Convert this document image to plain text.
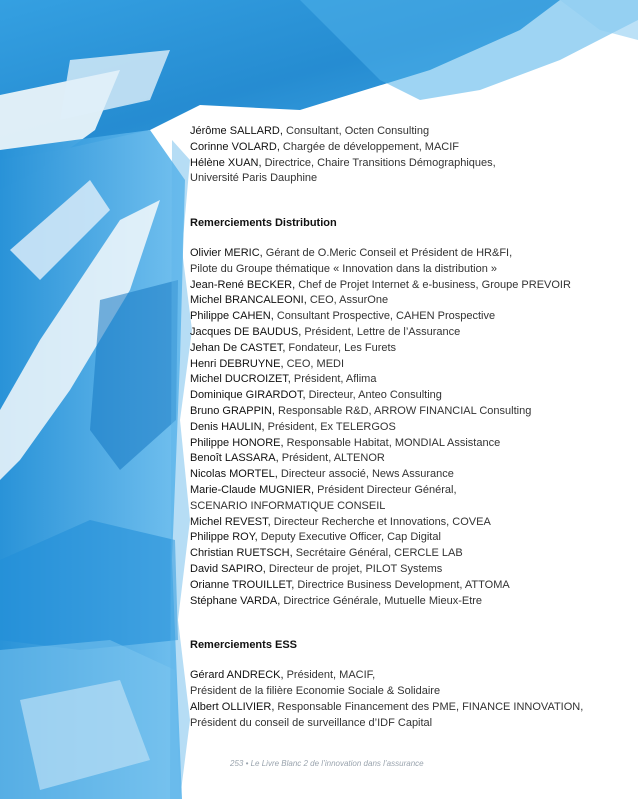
Jérôme SALLARD, Consultant, Octen Consulting
Corinne VOLARD, Chargée de développement, MACIF
Hélène XUAN, Directrice, Chaire Transitions Démographiques,
Université Paris Dauphine
Remerciements Distribution
Olivier MERIC, Gérant de O.Meric Conseil et Président de HR&FI,
Pilote du Groupe thématique « Innovation dans la distribution »
Jean-René BECKER, Chef de Projet Internet & e-business, Groupe PREVOIR
Michel BRANCALEONI, CEO, AssurOne
Philippe CAHEN, Consultant Prospective, CAHEN Prospective
Jacques DE BAUDUS, Président, Lettre de l’Assurance
Jehan De CASTET, Fondateur, Les Furets
Henri DEBRUYNE, CEO, MEDI
Michel DUCROIZET, Président, Aflima
Dominique GIRARDOT, Directeur, Anteo Consulting
Bruno GRAPPIN, Responsable R&D, ARROW FINANCIAL Consulting
Denis HAULIN, Président, Ex TELERGOS
Philippe HONORE, Responsable Habitat, MONDIAL Assistance
Benoît LASSARA, Président, ALTENOR
Nicolas MORTEL, Directeur associé, News Assurance
Marie-Claude MUGNIER, Président Directeur Général,
SCENARIO INFORMATIQUE CONSEIL
Michel REVEST, Directeur Recherche et Innovations, COVEA
Philippe ROY, Deputy Executive Officer, Cap Digital
Christian RUETSCH, Secrétaire Général, CERCLE LAB
David SAPIRO, Directeur de projet, PILOT Systems
Orianne TROUILLET, Directrice Business Development, ATTOMA
Stéphane VARDA, Directrice Générale, Mutuelle Mieux-Etre
Remerciements ESS
Gérard ANDRECK, Président, MACIF,
Président de la filière Economie Sociale & Solidaire
Albert OLLIVIER, Responsable Financement des PME, FINANCE INNOVATION,
Président du conseil de surveillance d’IDF Capital
253 • Le Livre Blanc 2 de l’innovation dans l’assurance
